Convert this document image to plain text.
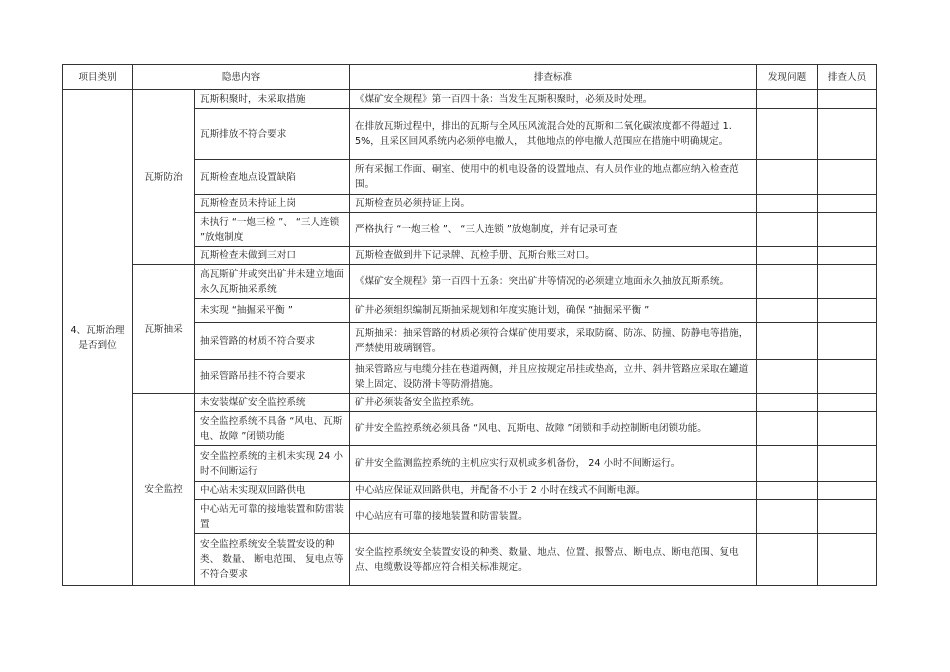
项目类别	隐患内容		排查标准	发现问题	排查人员
4、瓦斯治理是否到位	瓦斯防治	瓦斯积聚时，未采取措施	《煤矿安全规程》第一百四十条：当发生瓦斯积聚时，必须及时处理。		
		瓦斯排放不符合要求	在排放瓦斯过程中，排出的瓦斯与全风压风流混合处的瓦斯和二氧化碳浓度都不得超过 1.5%，且采区回风系统内必须停电撤人， 其他地点的停电撤人范围应在措施中明确规定。		
		瓦斯检查地点设置缺陷	所有采掘工作面、硐室、使用中的机电设备的设置地点、有人员作业的地点都应纳入检查范围。		
		瓦斯检查员未持证上岗	瓦斯检查员必须持证上岗。		
		未执行 “一炮三检 ”、 “三人连锁 ”放炮制度	严格执行 “一炮三检 ”、 “三人连锁 ”放炮制度，并有记录可查		
		瓦斯检查未做到三对口	瓦斯检查做到井下记录牌、瓦检手册、瓦斯台账三对口。		
	瓦斯抽采	高瓦斯矿井或突出矿井未建立地面永久瓦斯抽采系统	《煤矿安全规程》第一百四十五条：突出矿井等情况的必须建立地面永久抽放瓦斯系统。		
		未实现 “抽掘采平衡 ”	矿井必须组织编制瓦斯抽采规划和年度实施计划，确保 “抽掘采平衡 ”		
		抽采管路的材质不符合要求	瓦斯抽采：抽采管路的材质必须符合煤矿使用要求，采取防腐、防冻、防撞、防静电等措施，严禁使用玻璃钢管。		
		抽采管路吊挂不符合要求	抽采管路应与电缆分挂在巷道两侧，并且应按规定吊挂或垫高，立井、斜井管路应采取在罐道梁上固定、设防滑卡等防滑措施。		
	安全监控	未安装煤矿安全监控系统	矿井必须装备安全监控系统。		
		安全监控系统不具备 “风电、瓦斯电、故障 ”闭锁功能	矿井安全监控系统必须具备 “风电、瓦斯电、故障 ”闭锁和手动控制断电闭锁功能。		
		安全监控系统的主机未实现 24 小时不间断运行	矿井安全监测监控系统的主机应实行双机或多机备份， 24 小时不间断运行。		
		中心站未实现双回路供电	中心站应保证双回路供电，并配备不小于 2 小时在线式不间断电源。		
		中心站无可靠的接地装置和防雷装置	中心站应有可靠的接地装置和防雷装置。		
		安全监控系统安全装置安设的种类、 数量、 断电范围、 复电点等不符合要求	安全监控系统安全装置安设的种类、数量、地点、位置、报警点、断电点、断电范围、复电点、电缆敷设等都应符合相关标准规定。		
